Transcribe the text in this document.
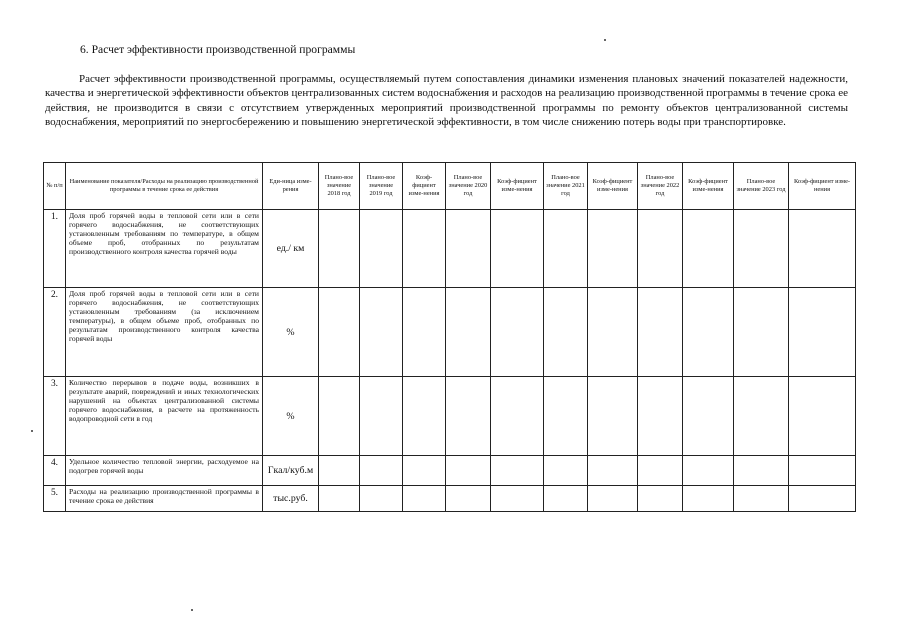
6. Расчет эффективности производственной программы

Расчет эффективности производственной программы, осуществляемый путем сопоставления динамики изменения плановых значений показателей надежности, качества и энергетической эффективности объектов централизованных систем водоснабжения и расходов на реализацию производственной программы в течение срока ее действия, не производится в связи с отсутствием утвержденных мероприятий производственной программы по ремонту объектов централизованной системы водоснабжения, мероприятий по энергосбережению и повышению энергетической эффективности, в том числе снижению потерь воды при транспортировке.

№ п/п	Наименование показателя/Расходы на реализацию производственной программы в течение срока ее действия	Еди-ница изме-рения	Плано-вое значение 2018 год	Плано-вое значение 2019 год	Коэф-фициент изме-нения	Плано-вое значение 2020 год	Коэф-фициент изме-нения	Плано-вое значение 2021 год	Коэф-фициент изме-нения	Плано-вое значение 2022 год	Коэф-фициент изме-нения	Плано-вое значение 2023 год	Коэф-фициент изме-нения
1.	Доля проб горячей воды в тепловой сети или в сети горячего водоснабжения, не соответствующих установленным требованиям по температуре, в общем объеме проб, отобранных по результатам производственного контроля качества горячей воды	ед./ км											
2.	Доля проб горячей воды в тепловой сети или в сети горячего водоснабжения, не соответствующих установленным требованиям (за исключением температуры), в общем объеме проб, отобранных по результатам производственного контроля качества горячей воды	%											
3.	Количество перерывов в подаче воды, возникших в результате аварий, повреждений и иных технологических нарушений на объектах централизованной системы горячего водоснабжения, в расчете на протяженность водопроводной сети в год	%											
4.	Удельное количество тепловой энергии, расходуемое на подогрев горячей воды	Гкал/куб.м											
5.	Расходы на реализацию производственной программы в течение срока ее действия	тыс.руб.											
